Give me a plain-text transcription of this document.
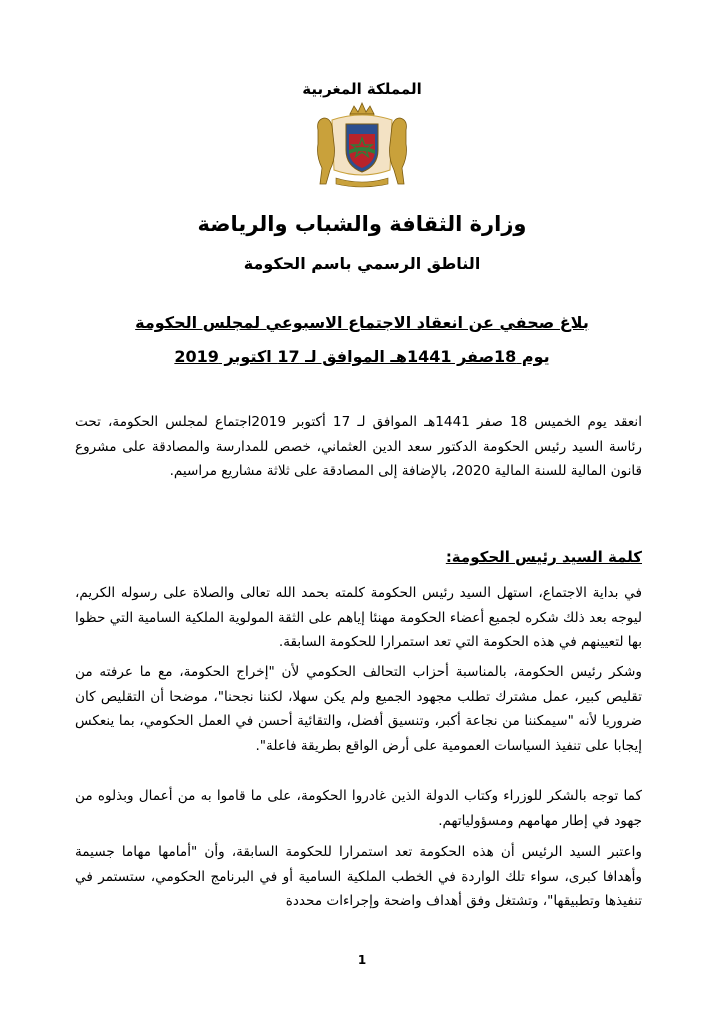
المملكة المغربية
وزارة الثقافة والشباب والرياضة
الناطق الرسمي باسم الحكومة
بلاغ صحفي عن انعقاد الاجتماع الاسبوعي لمجلس الحكومة
يوم 18صفر 1441هـ الموافق لـ 17 اكتوبر 2019

انعقد يوم الخميس 18 صفر 1441هـ الموافق لـ 17 أكتوبر 2019اجتماع لمجلس الحكومة، تحت رئاسة السيد رئيس الحكومة الدكتور سعد الدين العثماني، خصص للمدارسة والمصادقة على مشروع قانون المالية للسنة المالية 2020، بالإضافة إلى المصادقة على ثلاثة مشاريع مراسيم.

كلمة السيد رئيس الحكومة:

في بداية الاجتماع، استهل السيد رئيس الحكومة كلمته بحمد الله تعالى والصلاة على رسوله الكريم، ليوجه بعد ذلك شكره لجميع أعضاء الحكومة مهنئا إياهم على الثقة المولوية الملكية السامية التي حظوا بها لتعيينهم في هذه الحكومة التي تعد استمرارا للحكومة السابقة.

وشكر رئيس الحكومة، بالمناسبة أحزاب التحالف الحكومي لأن "إخراج الحكومة، مع ما عرفته من تقليص كبير، عمل مشترك تطلب مجهود الجميع ولم يكن سهلا، لكننا نجحنا"، موضحا أن التقليص كان ضروريا لأنه "سيمكننا من نجاعة أكبر، وتنسيق أفضل، والتقائية أحسن في العمل الحكومي، بما ينعكس إيجابا على تنفيذ السياسات العمومية على أرض الواقع بطريقة فاعلة".

كما توجه بالشكر للوزراء وكتاب الدولة الذين غادروا الحكومة، على ما قاموا به من أعمال وبذلوه من جهود في إطار مهامهم ومسؤولياتهم.

واعتبر السيد الرئيس أن هذه الحكومة تعد استمرارا للحكومة السابقة، وأن "أمامها مهاما جسيمة وأهدافا كبرى، سواء تلك الواردة في الخطب الملكية السامية أو في البرنامج الحكومي، ستستمر في تنفيذها وتطبيقها"، وتشتغل وفق أهداف واضحة وإجراءات محددة

1
